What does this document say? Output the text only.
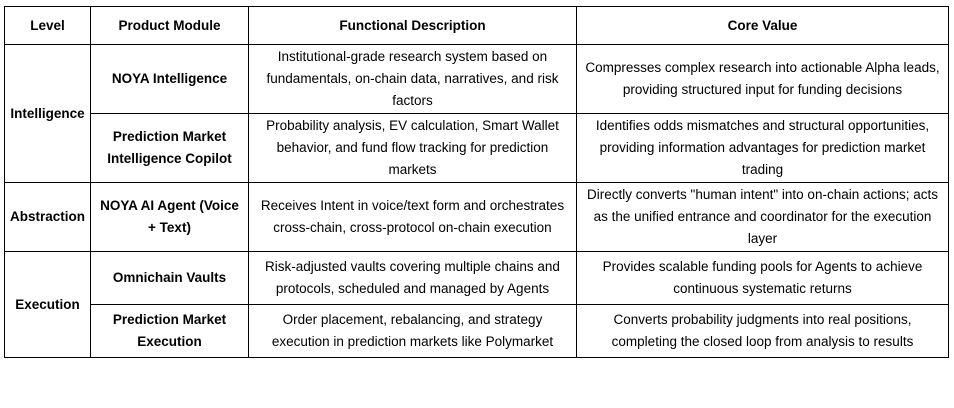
Level	Product Module	Functional Description	Core Value
Intelligence	NOYA Intelligence	Institutional-grade research system based on fundamentals, on-chain data, narratives, and risk factors	Compresses complex research into actionable Alpha leads, providing structured input for funding decisions
	Prediction Market Intelligence Copilot	Probability analysis, EV calculation, Smart Wallet behavior, and fund flow tracking for prediction markets	Identifies odds mismatches and structural opportunities, providing information advantages for prediction market trading
Abstraction	NOYA AI Agent (Voice + Text)	Receives Intent in voice/text form and orchestrates cross-chain, cross-protocol on-chain execution	Directly converts "human intent" into on-chain actions; acts as the unified entrance and coordinator for the execution layer
Execution	Omnichain Vaults	Risk-adjusted vaults covering multiple chains and protocols, scheduled and managed by Agents	Provides scalable funding pools for Agents to achieve continuous systematic returns
	Prediction Market Execution	Order placement, rebalancing, and strategy execution in prediction markets like Polymarket	Converts probability judgments into real positions, completing the closed loop from analysis to results
